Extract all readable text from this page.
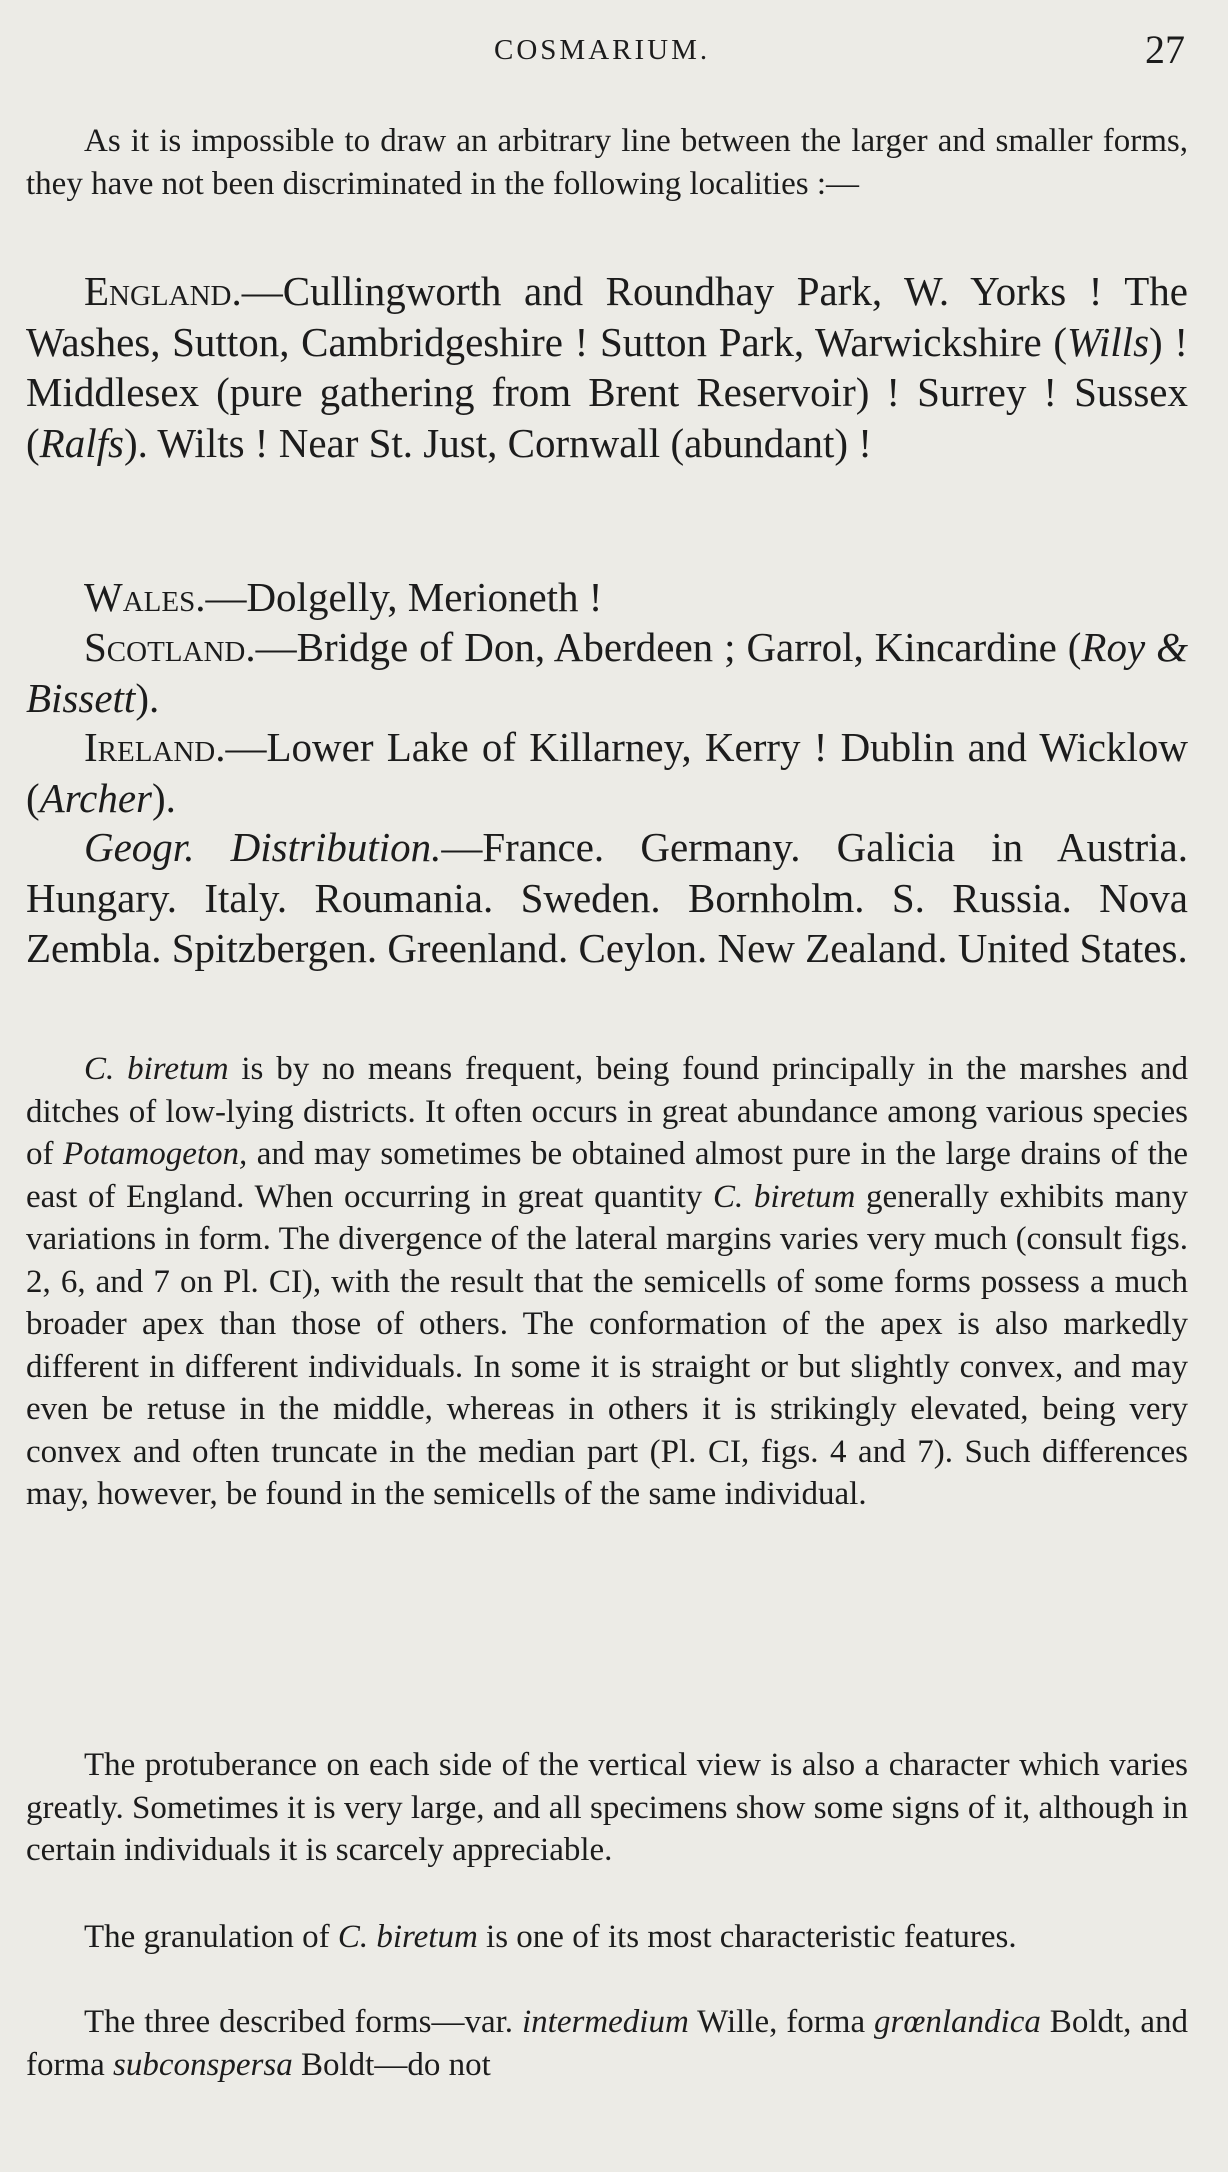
COSMARIUM.	27

As it is impossible to draw an arbitrary line between the larger and smaller forms, they have not been discriminated in the following localities :—

England.—Cullingworth and Roundhay Park, W. Yorks ! The Washes, Sutton, Cambridgeshire ! Sutton Park, Warwickshire (Wills) ! Middlesex (pure gathering from Brent Reservoir) ! Surrey ! Sussex (Ralfs). Wilts ! Near St. Just, Cornwall (abundant) !

Wales.—Dolgelly, Merioneth !

Scotland.—Bridge of Don, Aberdeen ; Garrol, Kincardine (Roy & Bissett).

Ireland.—Lower Lake of Killarney, Kerry ! Dublin and Wicklow (Archer).

Geogr. Distribution.—France. Germany. Galicia in Austria. Hungary. Italy. Roumania. Sweden. Bornholm. S. Russia. Nova Zembla. Spitzbergen. Greenland. Ceylon. New Zealand. United States.

C. biretum is by no means frequent, being found principally in the marshes and ditches of low-lying districts. It often occurs in great abundance among various species of Potamogeton, and may sometimes be obtained almost pure in the large drains of the east of England. When occurring in great quantity C. biretum generally exhibits many variations in form. The divergence of the lateral margins varies very much (consult figs. 2, 6, and 7 on Pl. CI), with the result that the semicells of some forms possess a much broader apex than those of others. The conformation of the apex is also markedly different in different individuals. In some it is straight or but slightly convex, and may even be retuse in the middle, whereas in others it is strikingly elevated, being very convex and often truncate in the median part (Pl. CI, figs. 4 and 7). Such differences may, however, be found in the semicells of the same individual.

The protuberance on each side of the vertical view is also a character which varies greatly. Sometimes it is very large, and all specimens show some signs of it, although in certain individuals it is scarcely appreciable.

The granulation of C. biretum is one of its most characteristic features.

The three described forms—var. intermedium Wille, forma grœnlandica Boldt, and forma subconspersa Boldt—do not
